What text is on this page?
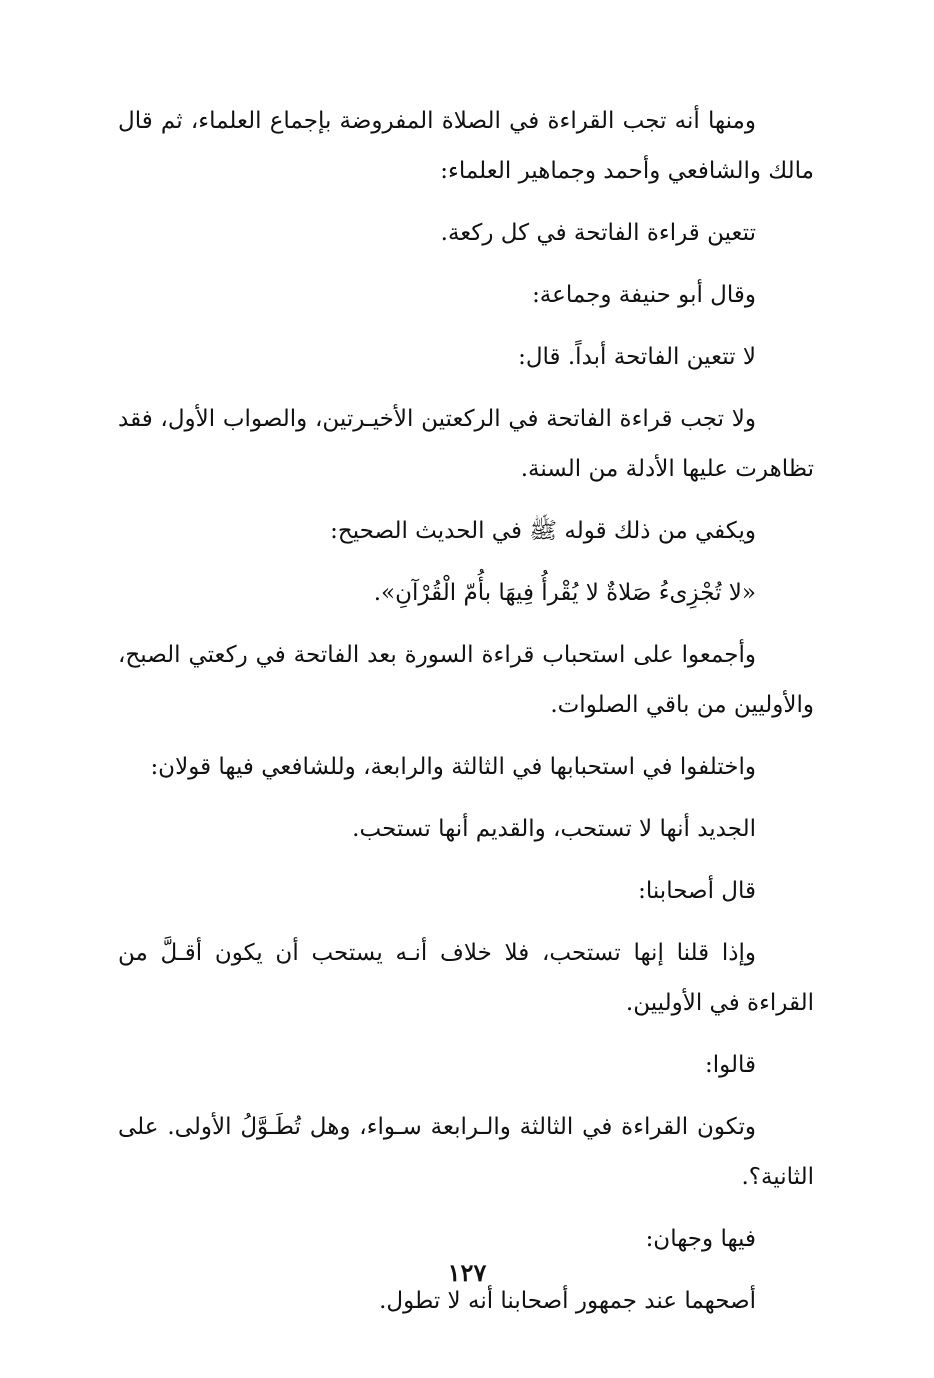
ومنها أنه تجب القراءة في الصلاة المفروضة بإجماع العلماء، ثم قال مالك والشافعي وأحمد وجماهير العلماء:

تتعين قراءة الفاتحة في كل ركعة.

وقال أبو حنيفة وجماعة:

لا تتعين الفاتحة أبداً. قال:

ولا تجب قراءة الفاتحة في الركعتين الأخيـرتين، والصواب الأول، فقد تظاهرت عليها الأدلة من السنة.

ويكفي من ذلك قوله ﷺ في الحديث الصحيح:

«لا تُجْزِىءُ صَلاةٌ لا يُقْرأُ فِيهَا بأُمّ الْقُرْآنِ».

وأجمعوا على استحباب قراءة السورة بعد الفاتحة في ركعتي الصبح، والأوليين من باقي الصلوات.

واختلفوا في استحبابها في الثالثة والرابعة، وللشافعي فيها قولان:

الجديد أنها لا تستحب، والقديم أنها تستحب.

قال أصحابنا:

وإذا قلنا إنها تستحب، فلا خلاف أنـه يستحب أن يكون أقـلَّ من القراءة في الأوليين.

قالوا:

وتكون القراءة في الثالثة والـرابعة سـواء، وهل تُطَـوَّلُ الأولى. على الثانية؟.

فيها وجهان:

أصحهما عند جمهور أصحابنا أنه لا تطول.

١٢٧
